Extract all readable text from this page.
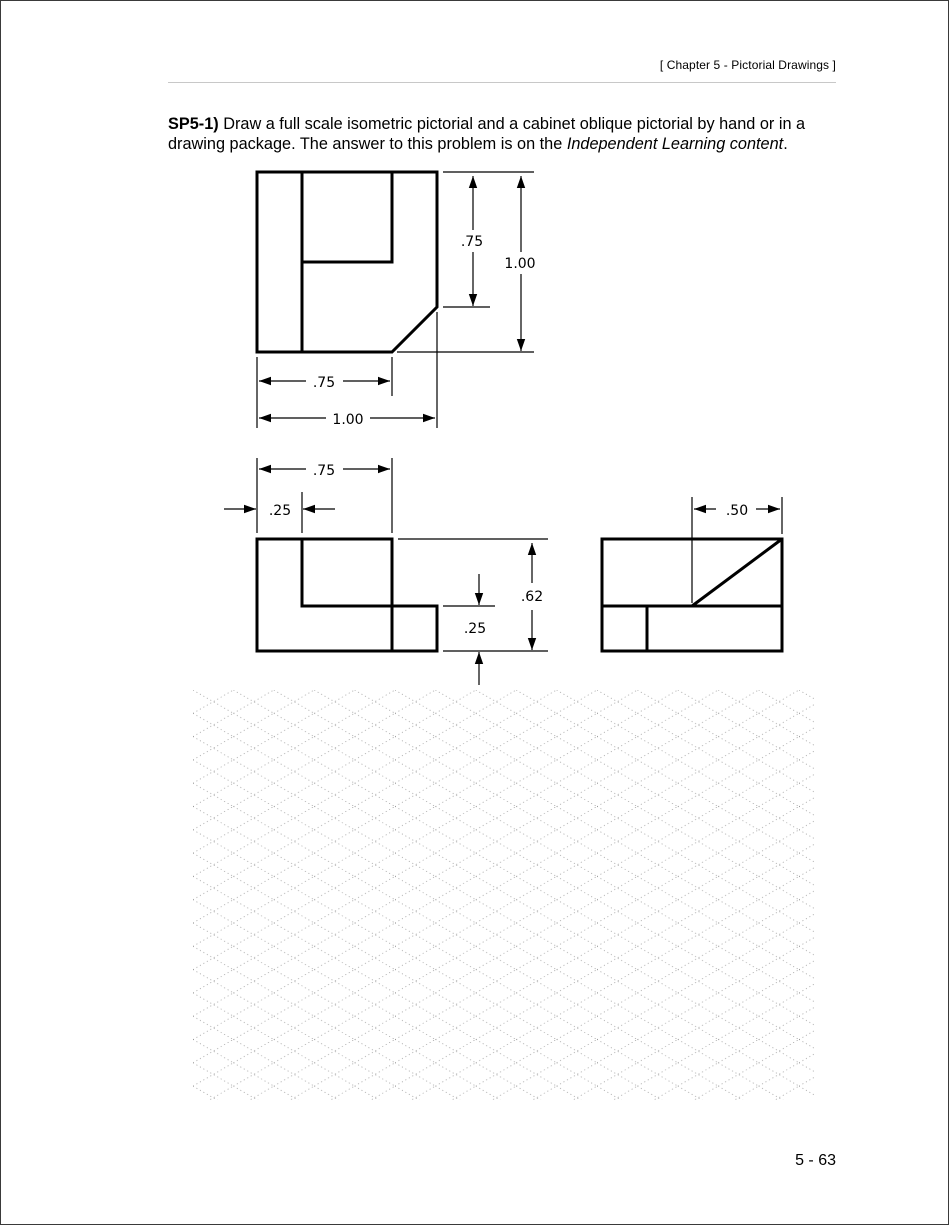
[ Chapter 5 - Pictorial Drawings ]
SP5-1) Draw a full scale isometric pictorial and a cabinet oblique pictorial by hand or in a drawing package. The answer to this problem is on the Independent Learning content.
.75
1.00
.75
1.00
.75
.25
.62
.25
.50
5 - 63
